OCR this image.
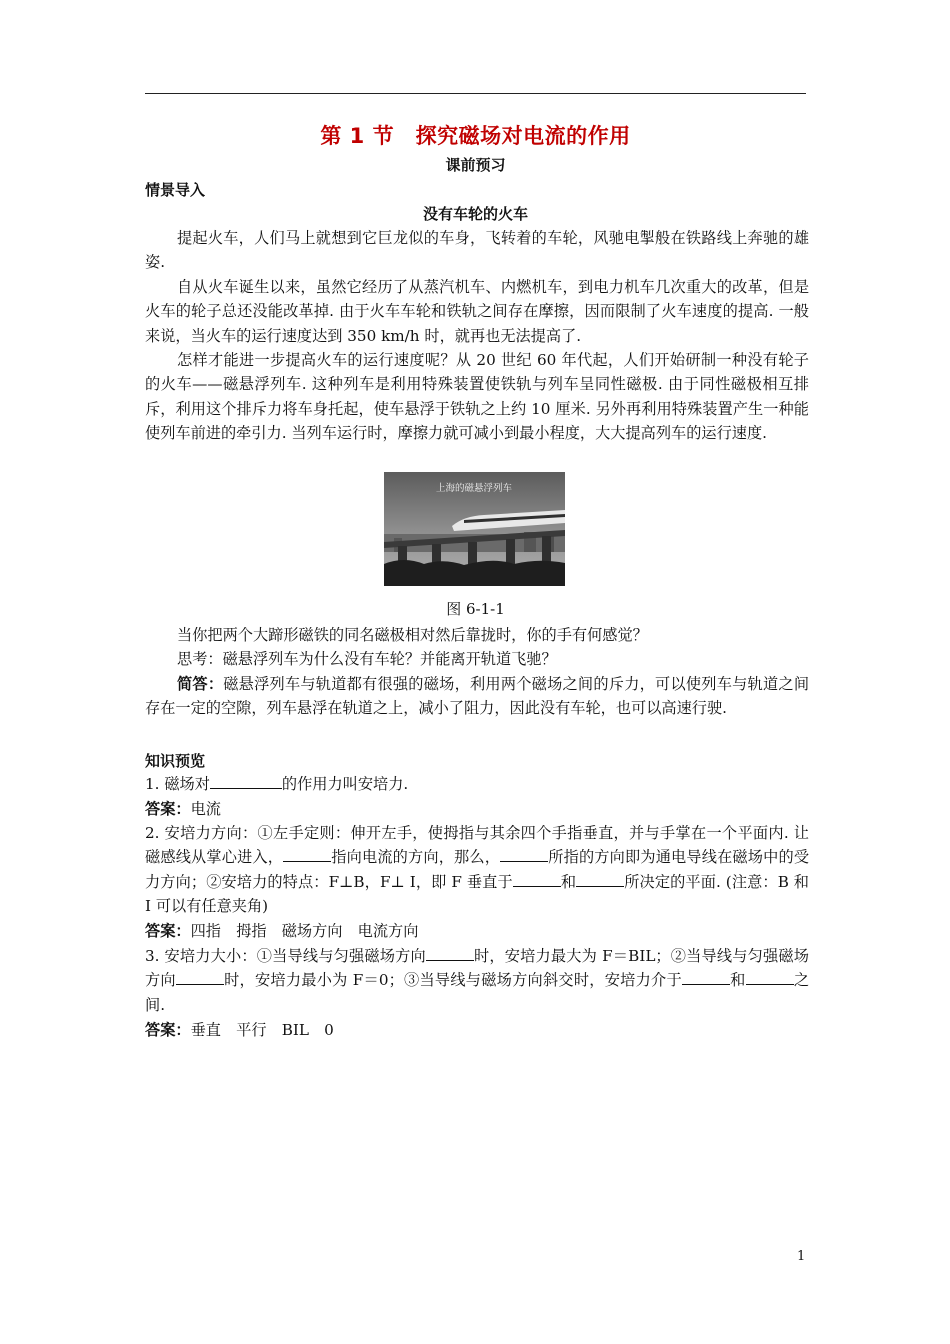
第 1 节　探究磁场对电流的作用
课前预习
情景导入
没有车轮的火车

提起火车，人们马上就想到它巨龙似的车身，飞转着的车轮，风驰电掣般在铁路线上奔驰的雄姿.

自从火车诞生以来，虽然它经历了从蒸汽机车、内燃机车，到电力机车几次重大的改革，但是火车的轮子总还没能改革掉. 由于火车车轮和铁轨之间存在摩擦，因而限制了火车速度的提高. 一般来说，当火车的运行速度达到 350 km/h 时，就再也无法提高了.

怎样才能进一步提高火车的运行速度呢？从 20 世纪 60 年代起，人们开始研制一种没有轮子的火车——磁悬浮列车. 这种列车是利用特殊装置使铁轨与列车呈同性磁极. 由于同性磁极相互排斥，利用这个排斥力将车身托起，使车悬浮于铁轨之上约 10 厘米. 另外再利用特殊装置产生一种能使列车前进的牵引力. 当列车运行时，摩擦力就可减小到最小程度，大大提高列车的运行速度.

上海的磁悬浮列车
图 6-1-1

当你把两个大蹄形磁铁的同名磁极相对然后靠拢时，你的手有何感觉？

思考：磁悬浮列车为什么没有车轮？并能离开轨道飞驰？

简答：磁悬浮列车与轨道都有很强的磁场，利用两个磁场之间的斥力，可以使列车与轨道之间存在一定的空隙，列车悬浮在轨道之上，减小了阻力，因此没有车轮，也可以高速行驶.

知识预览

1. 磁场对	的作用力叫安培力.

答案：电流

2. 安培力方向：①左手定则：伸开左手，使拇指与其余四个手指垂直，并与手掌在一个平面内. 让磁感线从掌心进入，	指向电流的方向，那么，	所指的方向即为通电导线在磁场中的受力方向；②安培力的特点：F⊥B，F⊥ I，即 F 垂直于	和	所决定的平面. (注意：B 和 I 可以有任意夹角)

答案：四指　拇指　磁场方向　电流方向

3. 安培力大小：①当导线与匀强磁场方向	时，安培力最大为 F＝BIL；②当导线与匀强磁场方向	时，安培力最小为 F＝0；③当导线与磁场方向斜交时，安培力介于	和	之间.

答案：垂直　平行　BIL　0

1
